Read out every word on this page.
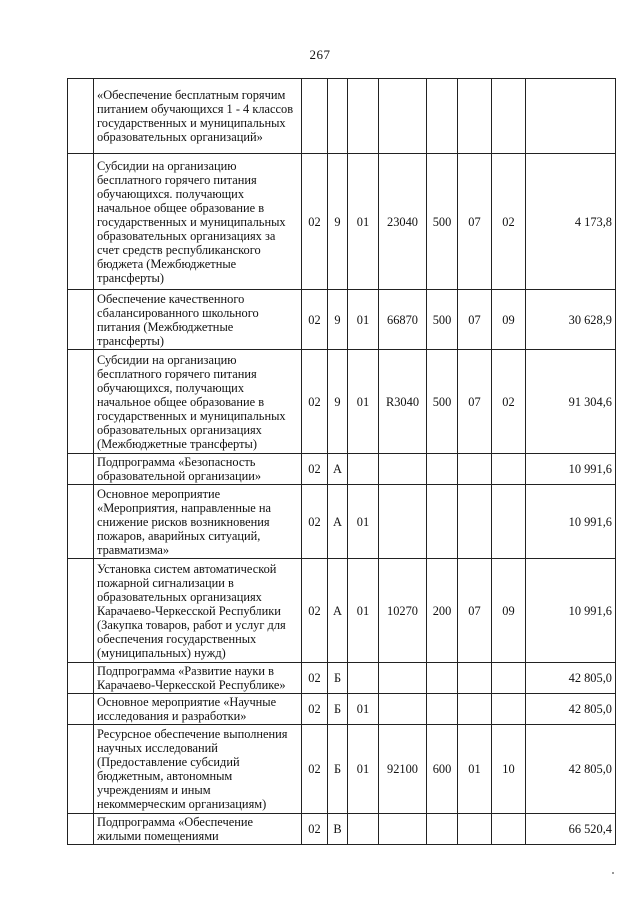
267
	«Обеспечение бесплатным горячим питанием обучающихся 1 - 4 классов государственных и муниципальных образовательных организаций»								
	Субсидии на организацию бесплатного горячего питания обучающихся. получающих начальное общее образование в государственных и муниципальных образовательных организациях за счет средств республиканского бюджета (Межбюджетные трансферты)	02	9	01	23040	500	07	02	4 173,8
	Обеспечение качественного сбалансированного школьного питания (Межбюджетные трансферты)	02	9	01	66870	500	07	09	30 628,9
	Субсидии на организацию бесплатного горячего питания обучающихся, получающих начальное общее образование в государственных и муниципальных образовательных организациях (Межбюджетные трансферты)	02	9	01	R3040	500	07	02	91 304,6
	Подпрограмма «Безопасность образовательной организации»	02	А						10 991,6
	Основное мероприятие «Мероприятия, направленные на снижение рисков возникновения пожаров, аварийных ситуаций, травматизма»	02	А	01					10 991,6
	Установка систем автоматической пожарной сигнализации в образовательных организациях Карачаево-Черкесской Республики (Закупка товаров, работ и услуг для обеспечения государственных (муниципальных) нужд)	02	А	01	10270	200	07	09	10 991,6
	Подпрограмма «Развитие науки в Карачаево-Черкесской Республике»	02	Б						42 805,0
	Основное мероприятие «Научные исследования и разработки»	02	Б	01					42 805,0
	Ресурсное обеспечение выполнения научных исследований (Предоставление субсидий бюджетным, автономным учреждениям и иным некоммерческим организациям)	02	Б	01	92100	600	01	10	42 805,0
	Подпрограмма «Обеспечение жилыми помещениями	02	В						66 520,4
